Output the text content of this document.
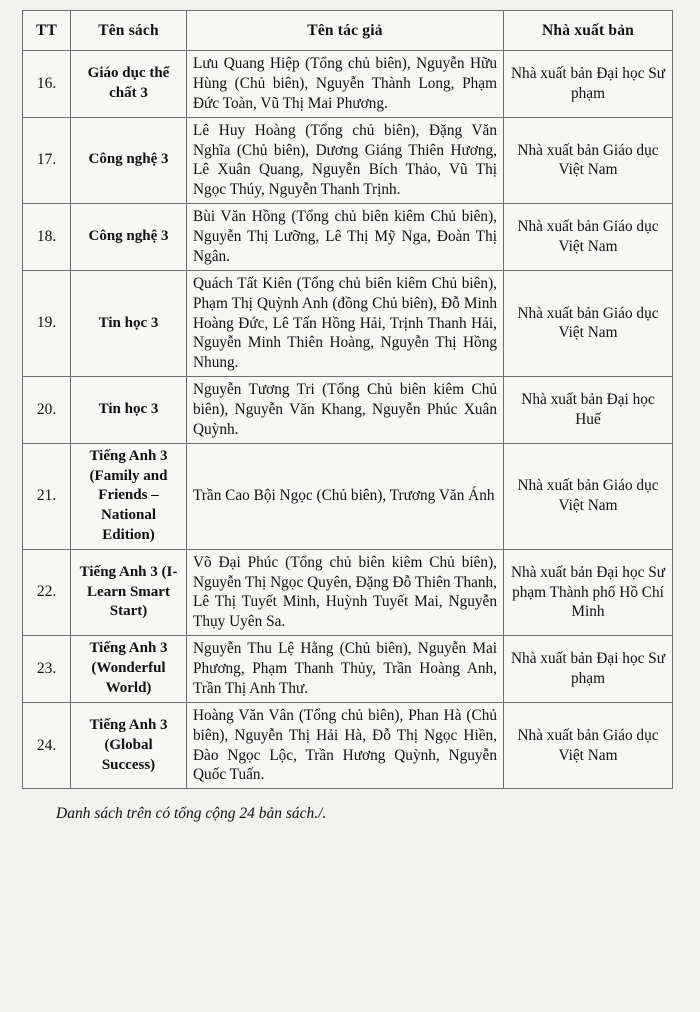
TT	Tên sách	Tên tác giả	Nhà xuất bản
16.	Giáo dục thể chất 3	Lưu Quang Hiệp (Tổng chủ biên), Nguyễn Hữu Hùng (Chủ biên), Nguyễn Thành Long, Phạm Đức Toàn, Vũ Thị Mai Phương.	Nhà xuất bản Đại học Sư phạm
17.	Công nghệ 3	Lê Huy Hoàng (Tổng chủ biên), Đặng Văn Nghĩa (Chủ biên), Dương Giáng Thiên Hương, Lê Xuân Quang, Nguyễn Bích Thảo, Vũ Thị Ngọc Thúy, Nguyễn Thanh Trịnh.	Nhà xuất bản Giáo dục Việt Nam
18.	Công nghệ 3	Bùi Văn Hồng (Tổng chủ biên kiêm Chủ biên), Nguyễn Thị Lưỡng, Lê Thị Mỹ Nga, Đoàn Thị Ngân.	Nhà xuất bản Giáo dục Việt Nam
19.	Tin học 3	Quách Tất Kiên (Tổng chủ biên kiêm Chủ biên), Phạm Thị Quỳnh Anh (đồng Chủ biên), Đỗ Minh Hoàng Đức, Lê Tấn Hồng Hải, Trịnh Thanh Hải, Nguyễn Minh Thiên Hoàng, Nguyễn Thị Hồng Nhung.	Nhà xuất bản Giáo dục Việt Nam
20.	Tin học 3	Nguyễn Tương Tri (Tổng Chủ biên kiêm Chủ biên), Nguyễn Văn Khang, Nguyễn Phúc Xuân Quỳnh.	Nhà xuất bản Đại học Huế
21.	Tiếng Anh 3 (Family and Friends – National Edition)	Trần Cao Bội Ngọc (Chủ biên), Trương Văn Ánh	Nhà xuất bản Giáo dục Việt Nam
22.	Tiếng Anh 3 (I-Learn Smart Start)	Võ Đại Phúc (Tổng chủ biên kiêm Chủ biên), Nguyễn Thị Ngọc Quyên, Đặng Đỗ Thiên Thanh, Lê Thị Tuyết Minh, Huỳnh Tuyết Mai, Nguyễn Thụy Uyên Sa.	Nhà xuất bản Đại học Sư phạm Thành phố Hồ Chí Minh
23.	Tiếng Anh 3 (Wonderful World)	Nguyễn Thu Lệ Hằng (Chủ biên), Nguyễn Mai Phương, Phạm Thanh Thủy, Trần Hoàng Anh, Trần Thị Anh Thư.	Nhà xuất bản Đại học Sư phạm
24.	Tiếng Anh 3 (Global Success)	Hoàng Văn Vân (Tổng chủ biên), Phan Hà (Chủ biên), Nguyễn Thị Hải Hà, Đỗ Thị Ngọc Hiền, Đào Ngọc Lộc, Trần Hương Quỳnh, Nguyễn Quốc Tuấn.	Nhà xuất bản Giáo dục Việt Nam
Danh sách trên có tổng cộng 24 bản sách./.
